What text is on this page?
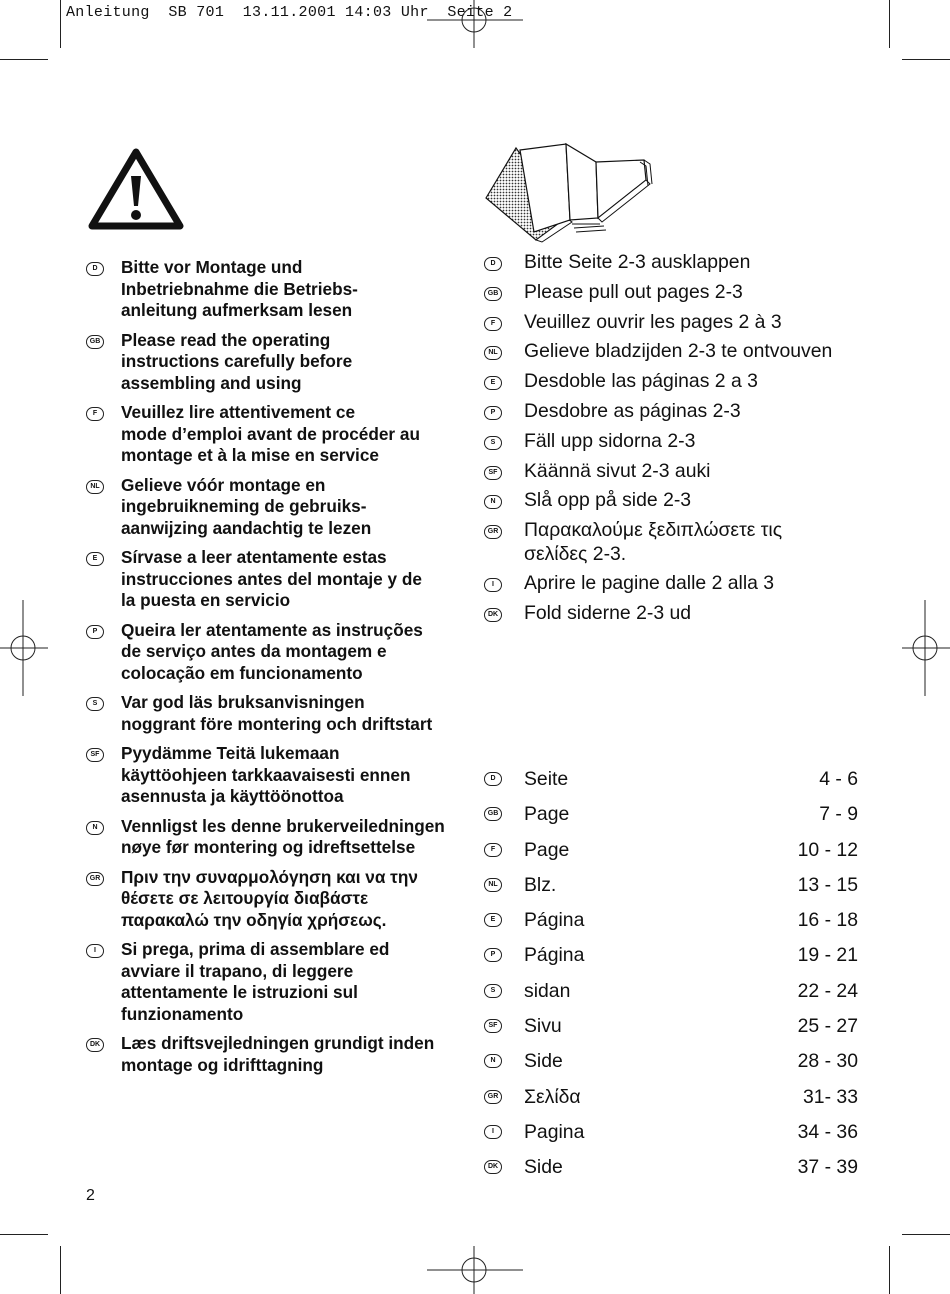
Anleitung  SB 701  13.11.2001 14:03 Uhr  Seite 2
D	Bitte vor Montage und
Inbetriebnahme die Betriebs-
anleitung aufmerksam lesen
GB Please read the operating
instructions carefully before
assembling and using
F	Veuillez lire attentivement ce
mode d’emploi avant de procéder au
montage et à la mise en service
NL Gelieve vóór montage en
ingebruikneming de gebruiks-
aanwijzing aandachtig te lezen
E	Sírvase a leer atentamente estas
instrucciones antes del montaje y de
la puesta en servicio
P	Queira ler atentamente as instruções
de serviço antes da montagem e
colocação em funcionamento
S	Var god läs bruksanvisningen
noggrant före montering och driftstart
SF Pyydämme Teitä lukemaan
käyttöohjeen tarkkaavaisesti ennen
asennusta ja käyttöönottoa
N	Vennligst les denne brukerveiledningen
nøye før montering og idreftsettelse
GR Πριν την συναρμολόγηση και να την
θέσετε σε λειτουργία διαβάστε
παρακαλώ την οδηγία χρήσεως.
I	Si prega, prima di assemblare ed
avviare il trapano, di leggere
attentamente le istruzioni sul
funzionamento
DK Læs driftsvejledningen grundigt inden
montage og idrifttagning
D	Bitte Seite 2-3 ausklappen
GB Please pull out pages 2-3
F	Veuillez ouvrir les pages 2 à 3
NL Gelieve bladzijden 2-3 te ontvouven
E	Desdoble las páginas 2 a 3
P	Desdobre as páginas 2-3
S	Fäll upp sidorna 2-3
SF Käännä sivut 2-3 auki
N	Slå opp på side 2-3
GR Παρακαλούμε ξεδιπλώσετε τις
σελίδες 2-3.
I	Aprire le pagine dalle 2 alla 3
DK Fold siderne 2-3 ud
D	Seite	4 - 6
GB Page	7 - 9
F	Page	10 - 12
NL Blz.	13 - 15
E	Página	16 - 18
P	Página	19 - 21
S	sidan	22 - 24
SF Sivu	25 - 27
N	Side	28 - 30
GR Σελίδα	31- 33
I	Pagina	34 - 36
DK Side	37 - 39
2
